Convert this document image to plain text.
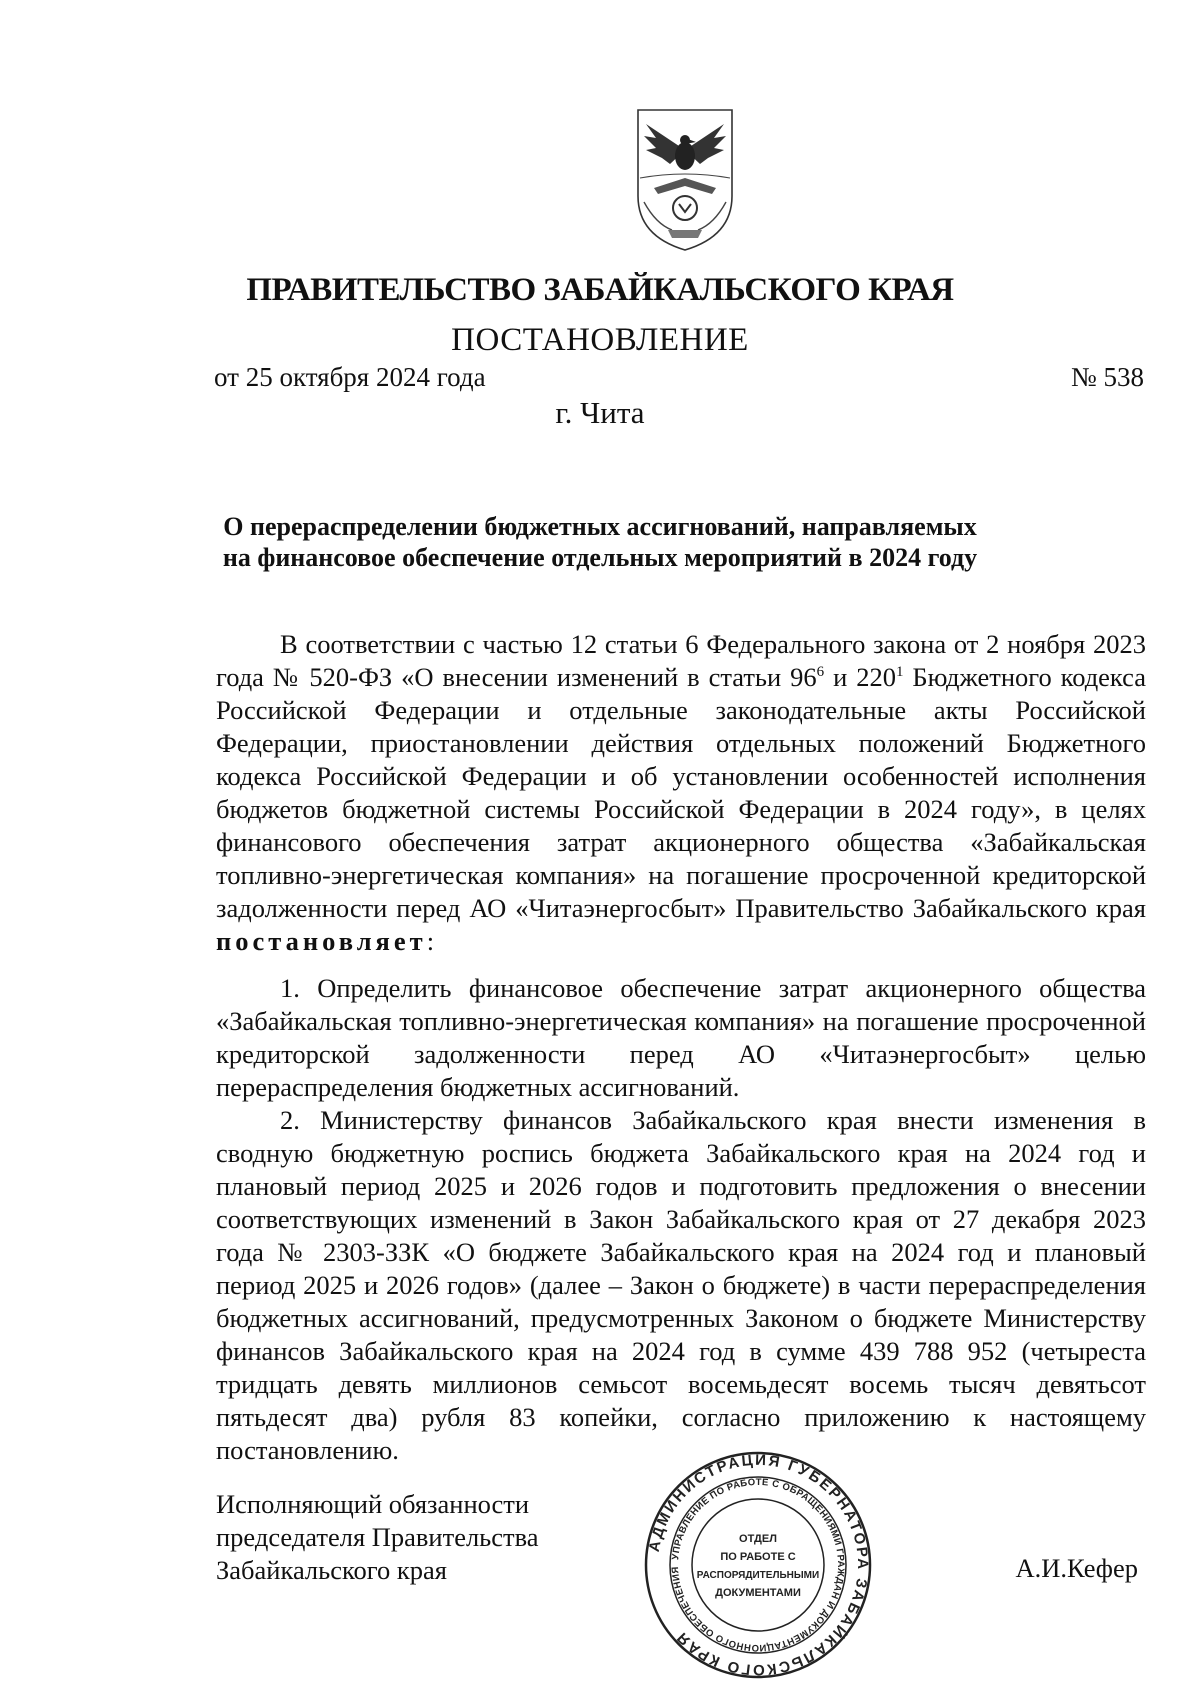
ПРАВИТЕЛЬСТВО ЗАБАЙКАЛЬСКОГО КРАЯ
ПОСТАНОВЛЕНИЕ
от 25 октября 2024 года	№ 538
г. Чита
О перераспределении бюджетных ассигнований, направляемых
на финансовое обеспечение отдельных мероприятий в 2024 году

В соответствии с частью 12 статьи 6 Федерального закона от 2 ноября 2023 года № 520-ФЗ «О внесении изменений в статьи $96^6$ и $220^1$ Бюджетного кодекса Российской Федерации и отдельные законодательные акты Российской Федерации, приостановлении действия отдельных положений Бюджетного кодекса Российской Федерации и об установлении особенностей исполнения бюджетов бюджетной системы Российской Федерации в 2024 году», в целях финансового обеспечения затрат акционерного общества «Забайкальская топливно-энергетическая компания» на погашение просроченной кредиторской задолженности перед АО «Читаэнергосбыт» Правительство Забайкальского края постановляет:

1. Определить финансовое обеспечение затрат акционерного общества «Забайкальская топливно-энергетическая компания» на погашение просроченной кредиторской задолженности перед АО «Читаэнергосбыт» целью перераспределения бюджетных ассигнований.

2. Министерству финансов Забайкальского края внести изменения в сводную бюджетную роспись бюджета Забайкальского края на 2024 год и плановый период 2025 и 2026 годов и подготовить предложения о внесении соответствующих изменений в Закон Забайкальского края от 27 декабря 2023 года № 2303-ЗЗК «О бюджете Забайкальского края на 2024 год и плановый период 2025 и 2026 годов» (далее – Закон о бюджете) в части перераспределения бюджетных ассигнований, предусмотренных Законом о бюджете Министерству финансов Забайкальского края на 2024 год в сумме 439 788 952 (четыреста тридцать девять миллионов семьсот восемьдесят восемь тысяч девятьсот пятьдесят два) рубля 83 копейки, согласно приложению к настоящему постановлению.

Исполняющий обязанности
председателя Правительства
Забайкальского края	А.И.Кефер
АДМИНИСТРАЦИЯ ГУБЕРНАТОРА ЗАБАЙКАЛЬСКОГО КРАЯ
УПРАВЛЕНИЕ ПО РАБОТЕ С ОБРАЩЕНИЯМИ ГРАЖДАН И ДОКУМЕНТАЦИОННОГО ОБЕСПЕЧЕНИЯ
ОТДЕЛ
ПО РАБОТЕ С
РАСПОРЯДИТЕЛЬНЫМИ
ДОКУМЕНТАМИ
